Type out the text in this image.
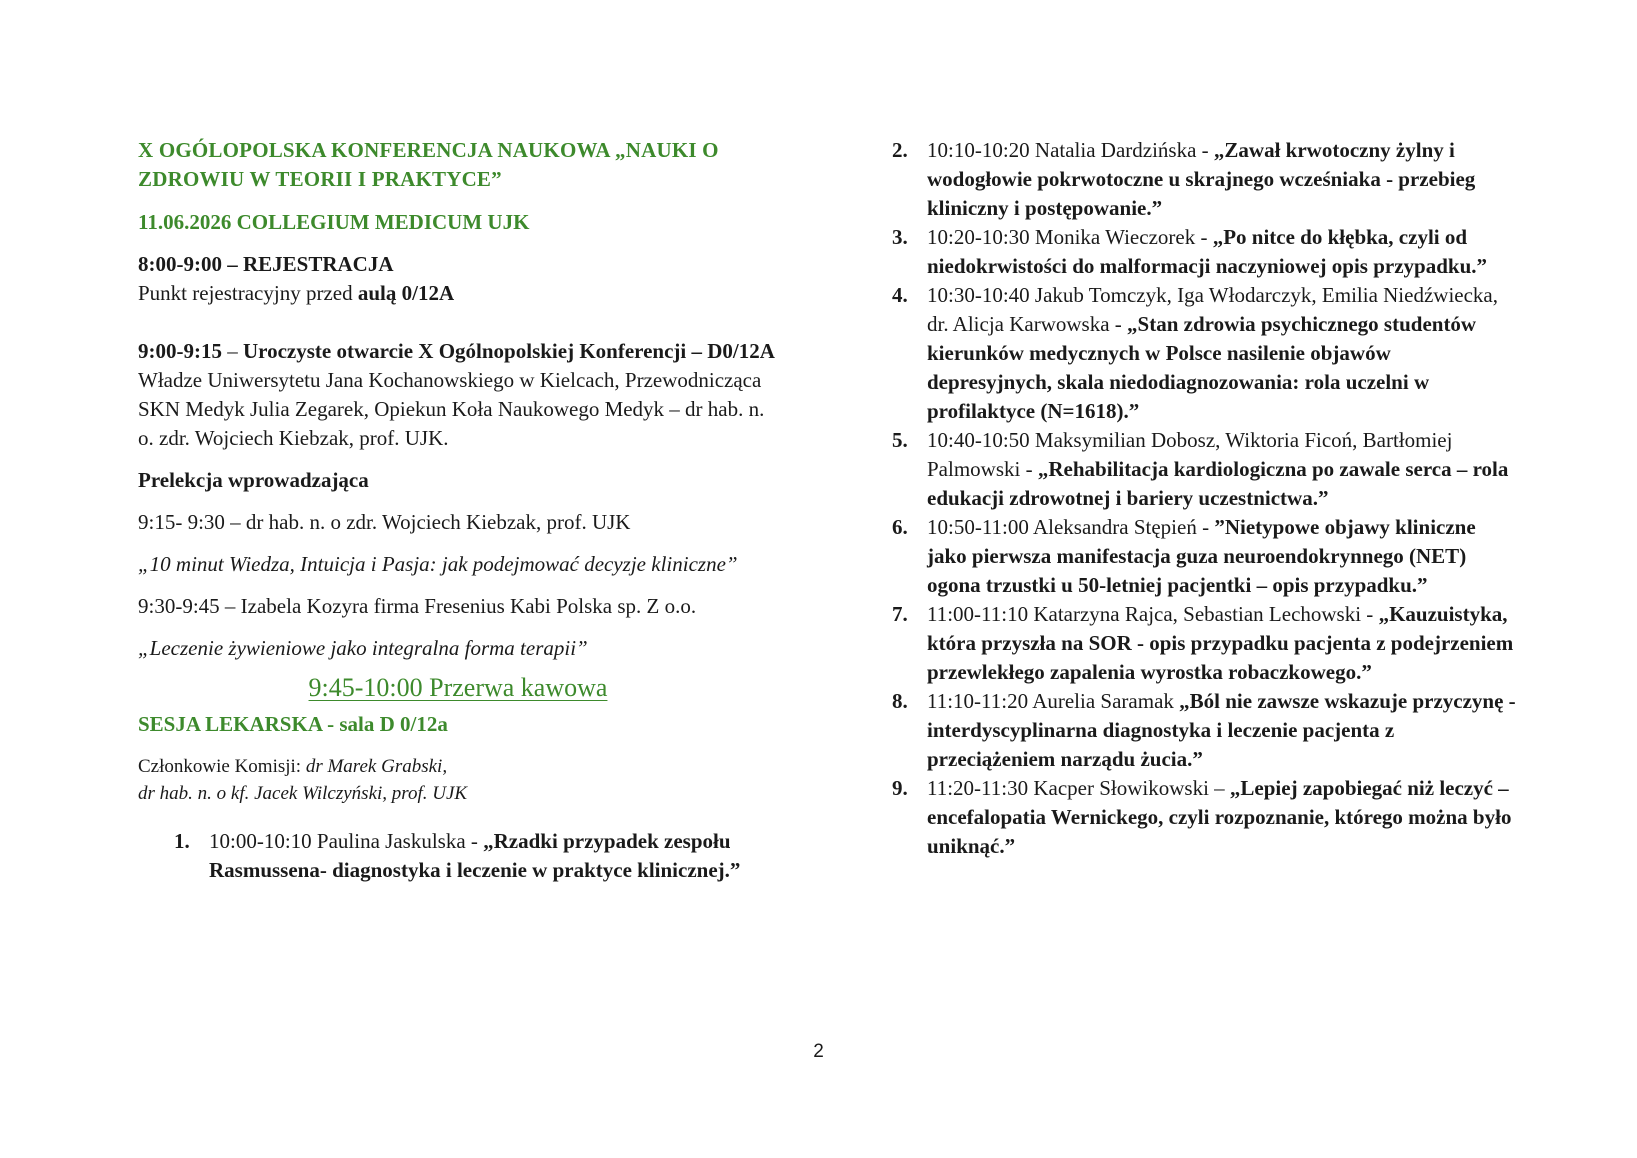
X OGÓLOPOLSKA KONFERENCJA NAUKOWA „NAUKI O ZDROWIU W TEORII I PRAKTYCE”

11.06.2026 COLLEGIUM MEDICUM UJK

8:00-9:00 – REJESTRACJA

Punkt rejestracyjny przed aulą 0/12A

9:00-9:15 – Uroczyste otwarcie X Ogólnopolskiej Konferencji – D0/12A Władze Uniwersytetu Jana Kochanowskiego w Kielcach, Przewodnicząca SKN Medyk Julia Zegarek, Opiekun Koła Naukowego Medyk – dr hab. n. o. zdr. Wojciech Kiebzak, prof. UJK.

Prelekcja wprowadzająca

9:15- 9:30 – dr hab. n. o zdr. Wojciech Kiebzak, prof. UJK

„10 minut Wiedza, Intuicja i Pasja: jak podejmować decyzje kliniczne”

9:30-9:45 – Izabela Kozyra firma Fresenius Kabi Polska sp. Z o.o.

„Leczenie żywieniowe jako integralna forma terapii”

9:45-10:00 Przerwa kawowa

SESJA LEKARSKA - sala D 0/12a

Członkowie Komisji: dr Marek Grabski,
dr hab. n. o kf. Jacek Wilczyński, prof. UJK

1. 10:00-10:10 Paulina Jaskulska - „Rzadki przypadek zespołu Rasmussena- diagnostyka i leczenie w praktyce klinicznej.”
2. 10:10-10:20 Natalia Dardzińska - „Zawał krwotoczny żylny i wodogłowie pokrwotoczne u skrajnego wcześniaka - przebieg kliniczny i postępowanie.”
3. 10:20-10:30 Monika Wieczorek - „Po nitce do kłębka, czyli od niedokrwistości do malformacji naczyniowej opis przypadku.”
4. 10:30-10:40 Jakub Tomczyk, Iga Włodarczyk, Emilia Niedźwiecka, dr. Alicja Karwowska - „Stan zdrowia psychicznego studentów kierunków medycznych w Polsce nasilenie objawów depresyjnych, skala niedodiagnozowania: rola uczelni w profilaktyce (N=1618).”
5. 10:40-10:50 Maksymilian Dobosz, Wiktoria Ficoń, Bartłomiej Palmowski - „Rehabilitacja kardiologiczna po zawale serca – rola edukacji zdrowotnej i bariery uczestnictwa.”
6. 10:50-11:00 Aleksandra Stępień - ”Nietypowe objawy kliniczne jako pierwsza manifestacja guza neuroendokrynnego (NET) ogona trzustki u 50-letniej pacjentki – opis przypadku.”
7. 11:00-11:10 Katarzyna Rajca, Sebastian Lechowski - „Kauzuistyka, która przyszła na SOR - opis przypadku pacjenta z podejrzeniem przewlekłego zapalenia wyrostka robaczkowego.”
8. 11:10-11:20 Aurelia Saramak „Ból nie zawsze wskazuje przyczynę - interdyscyplinarna diagnostyka i leczenie pacjenta z przeciążeniem narządu żucia.”
9. 11:20-11:30 Kacper Słowikowski – „Lepiej zapobiegać niż leczyć – encefalopatia Wernickego, czyli rozpoznanie, którego można było uniknąć.”
2
